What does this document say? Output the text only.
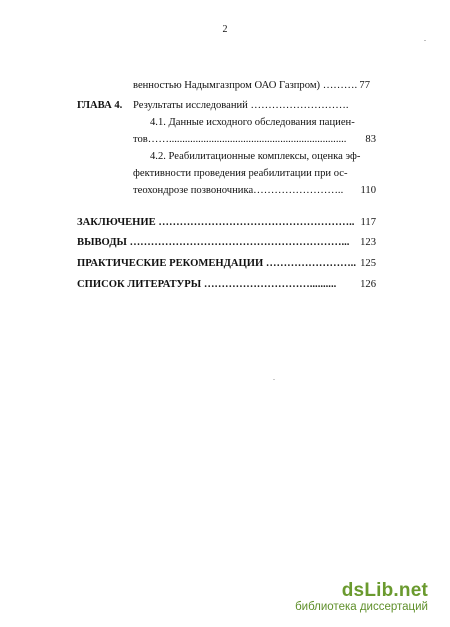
2
.
венностью Надымгазпром ОАО Газпром) ………. 77
ГЛАВА 4. Результаты исследований ……………………….
4.1. Данные исходного обследования пациен-
тов……...................................................................	83
4.2. Реабилитационные комплексы, оценка эф-
фективности проведения реабилитации при ос-
теохондрозе позвоночника……………………..	110
ЗАКЛЮЧЕНИЕ ……………………………………………….. 117
ВЫВОДЫ ……………………………………………………...	123
ПРАКТИЧЕСКИЕ РЕКОМЕНДАЦИИ …………………….. 125
СПИСОК ЛИТЕРАТУРЫ …………………………..........	126
.
dsLib.net
библиотека диссертаций
